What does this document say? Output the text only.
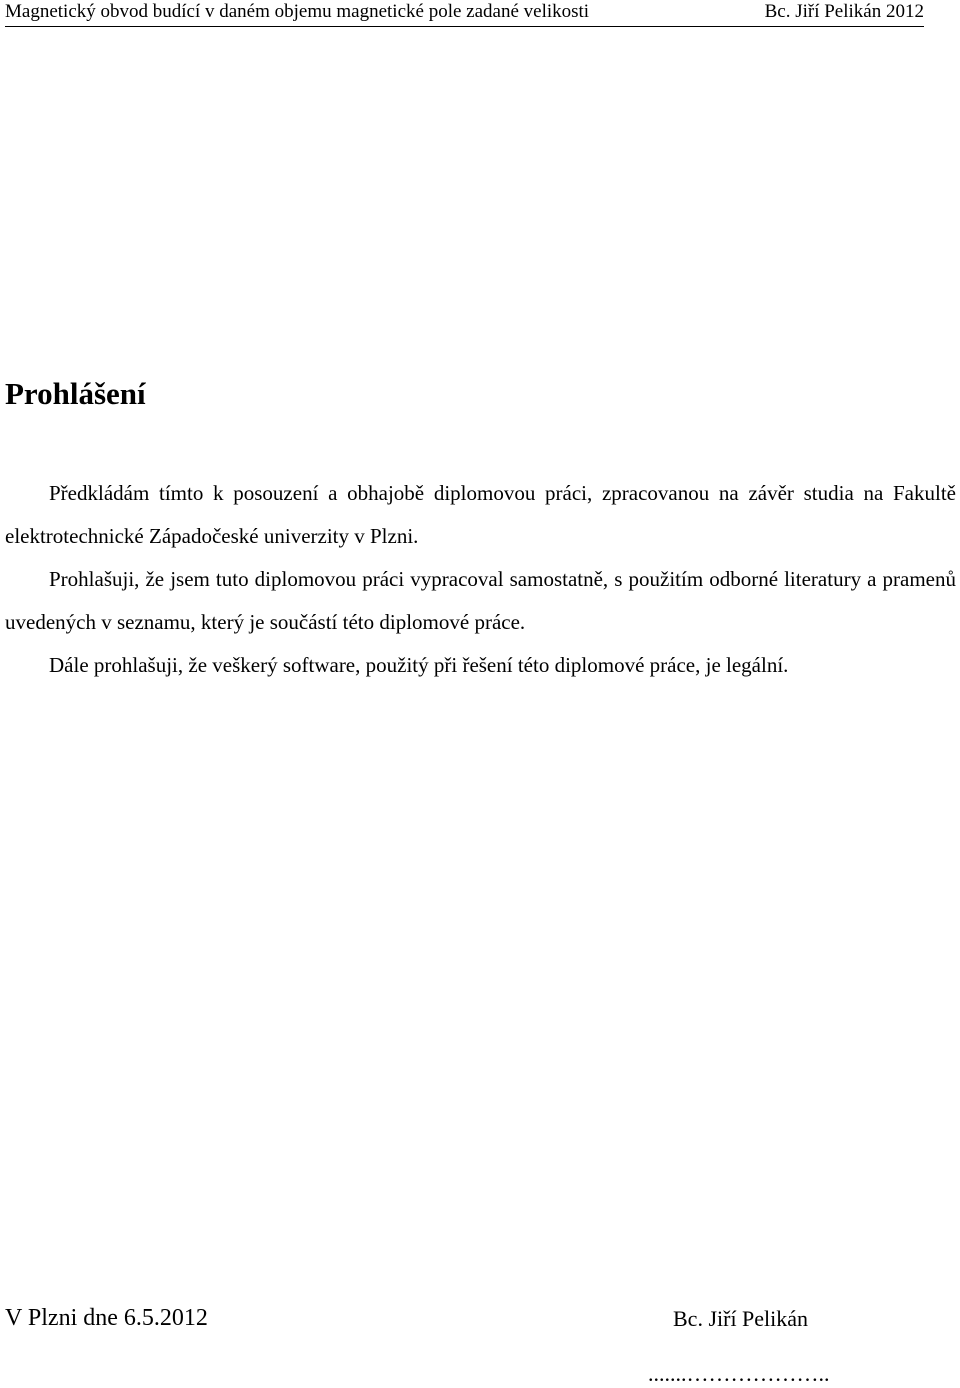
Magnetický obvod budící v daném objemu magnetické pole zadané velikosti	Bc. Jiří Pelikán 2012
Prohlášení

Předkládám tímto k posouzení a obhajobě diplomovou práci, zpracovanou na závěr studia na Fakultě elektrotechnické Západočeské univerzity v Plzni.

Prohlašuji, že jsem tuto diplomovou práci vypracoval samostatně, s použitím odborné literatury a pramenů uvedených v seznamu, který je součástí této diplomové práce.

Dále prohlašuji, že veškerý software, použitý při řešení této diplomové práce, je legální.

V Plzni dne 6.5.2012	Bc. Jiří Pelikán
.......………………..
